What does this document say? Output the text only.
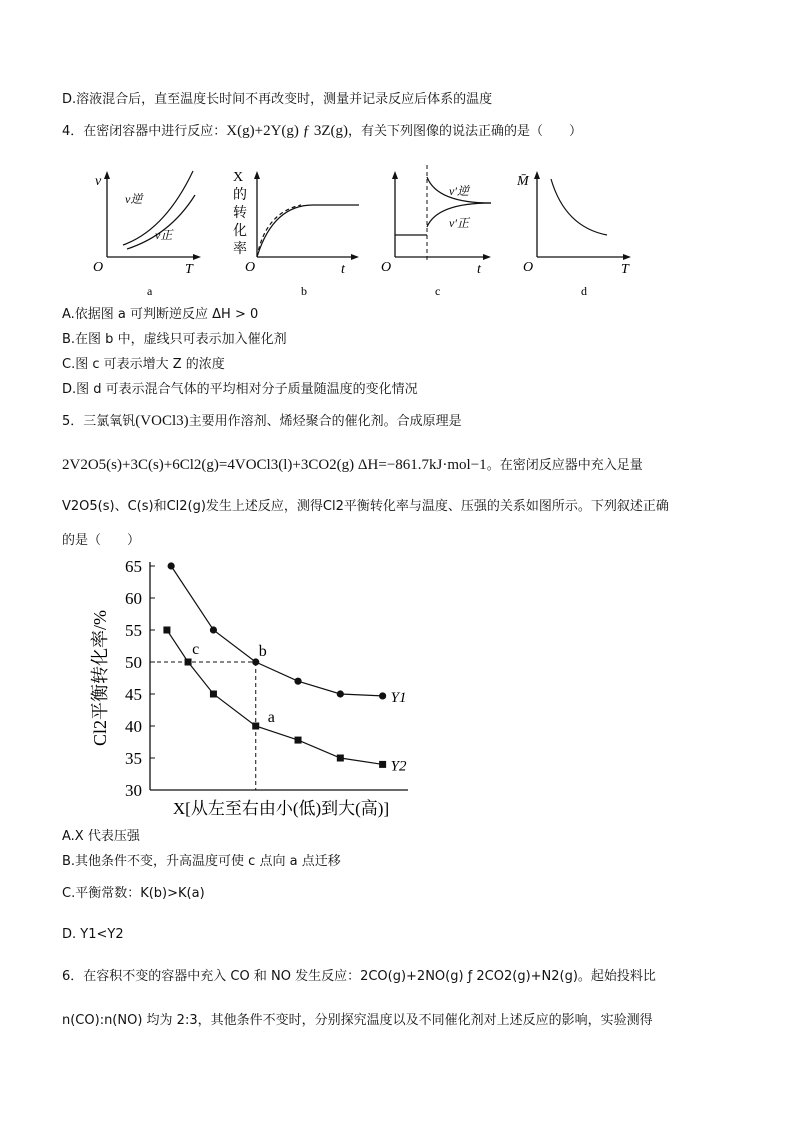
D.溶液混合后，直至温度长时间不再改变时，测量并记录反应后体系的温度
4．在密闭容器中进行反应：X(g)+2Y(g) ƒ 3Z(g)，有关下列图像的说法正确的是（　　）
v
T
O
v逆
v正
a
X
的
转
化
率
t
O
b
v′逆
v′正
t
O
c
M̄
T
O
d
A.依据图 a 可判断逆反应 ΔH > 0
B.在图 b 中，虚线只可表示加入催化剂
C.图 c 可表示增大 Z 的浓度
D.图 d 可表示混合气体的平均相对分子质量随温度的变化情况
5．三氯氧钒(VOCl3)主要用作溶剂、烯烃聚合的催化剂。合成原理是
2V2O5(s)+3C(s)+6Cl2(g)=4VOCl3(l)+3CO2(g) ΔH=−861.7kJ·mol−1。在密闭反应器中充入足量
V2O5(s)、C(s)和Cl2(g)发生上述反应，测得Cl2平衡转化率与温度、压强的关系如图所示。下列叙述正确
的是（　　）
30
35
40
45
50
55
60
65
Y1
Y2
b
a
c
Cl2平衡转化率/%
X[从左至右由小(低)到大(高)]
A.X 代表压强
B.其他条件不变，升高温度可使 c 点向 a 点迁移
C.平衡常数：K(b)>K(a)
D. Y1<Y2
6．在容积不变的容器中充入 CO 和 NO 发生反应：2CO(g)+2NO(g) ƒ 2CO2(g)+N2(g)。起始投料比
n(CO):n(NO) 均为 2:3，其他条件不变时，分别探究温度以及不同催化剂对上述反应的影响，实验测得
